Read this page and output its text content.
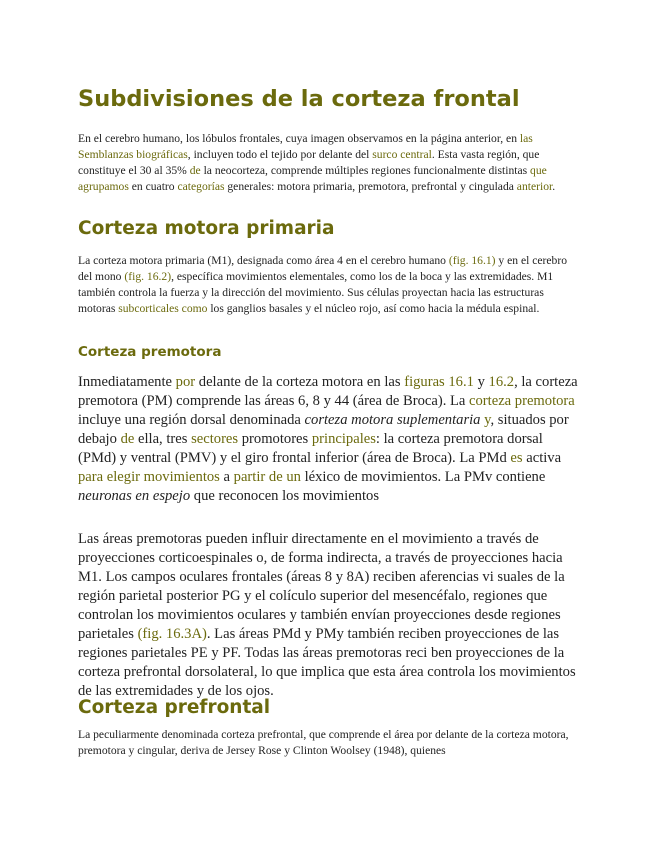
Subdivisiones de la corteza frontal

En el cerebro humano, los lóbulos frontales, cuya imagen observamos en la página anterior, en las Semblanzas biográficas, incluyen todo el tejido por delante del surco central. Esta vasta región, que constituye el 30 al 35% de la neocorteza, comprende múltiples regiones funcionalmente distintas que agrupamos en cuatro categorías generales: motora primaria, premotora, prefrontal y cingulada anterior.

Corteza motora primaria

La corteza motora primaria (M1), designada como área 4 en el cerebro humano (fig. 16.1) y en el cerebro del mono (fig. 16.2), específica movimientos elementales, como los de la boca y las extremidades. M1 también controla la fuerza y la dirección del movimiento. Sus células proyectan hacia las estructuras motoras subcorticales como los ganglios basales y el núcleo rojo, así como hacia la médula espinal.

Corteza premotora

Inmediatamente por delante de la corteza motora en las figuras 16.1 y 16.2, la corteza premotora (PM) comprende las áreas 6, 8 y 44 (área de Broca). La corteza premotora incluye una región dorsal denominada corteza motora suplementaria y, situados por debajo de ella, tres sectores promotores principales: la corteza premotora dorsal (PMd) y ventral (PMV) y el giro frontal inferior (área de Broca). La PMd es activa para elegir movimientos a partir de un léxico de movimientos. La PMv contiene neuronas en espejo que reconocen los movimientos

Las áreas premotoras pueden influir directamente en el movimiento a través de proyecciones corticoespinales o, de forma indirecta, a través de proyecciones hacia M1. Los campos oculares frontales (áreas 8 y 8A) reciben aferencias vi suales de la región parietal posterior PG y el colículo superior del mesencéfalo, regiones que controlan los movimientos oculares y también envían proyecciones desde regiones parietales (fig. 16.3A). Las áreas PMd y PMy también reciben proyecciones de las regiones parietales PE y PF. Todas las áreas premotoras reci ben proyecciones de la corteza prefrontal dorsolateral, lo que implica que esta área controla los movimientos de las extremidades y de los ojos.

Corteza prefrontal

La peculiarmente denominada corteza prefrontal, que comprende el área por delante de la corteza motora, premotora y cingular, deriva de Jersey Rose y Clinton Woolsey (1948), quienes
